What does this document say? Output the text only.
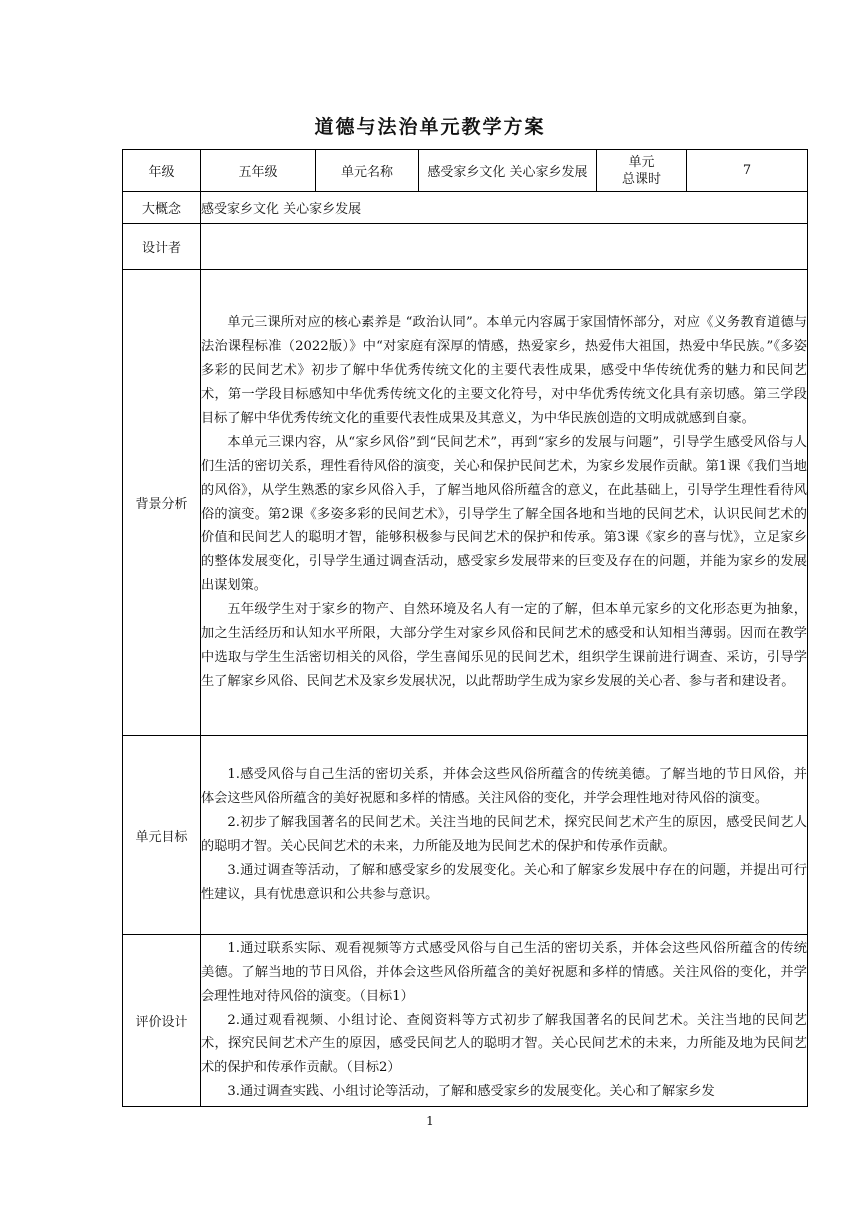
道德与法治单元教学方案
年级	五年级	单元名称	感受家乡文化 关心家乡发展	单元
总课时	7
大概念	感受家乡文化 关心家乡发展				
设计者					
背景分析	单元三课所对应的核心素养是 “政治认同”。本单元内容属于家国情怀部分，对应《义务教育道德与法治课程标准（2022版）》中“对家庭有深厚的情感，热爱家乡，热爱伟大祖国，热爱中华民族。”《多姿多彩的民间艺术》初步了解中华优秀传统文化的主要代表性成果，感受中华传统优秀的魅力和民间艺术，第一学段目标感知中华优秀传统文化的主要文化符号，对中华优秀传统文化具有亲切感。第三学段目标了解中华优秀传统文化的重要代表性成果及其意义，为中华民族创造的文明成就感到自豪。

本单元三课内容，从“家乡风俗”到“民间艺术”，再到“家乡的发展与问题”，引导学生感受风俗与人们生活的密切关系，理性看待风俗的演变，关心和保护民间艺术，为家乡发展作贡献。第1课《我们当地的风俗》，从学生熟悉的家乡风俗入手，了解当地风俗所蕴含的意义，在此基础上，引导学生理性看待风俗的演变。第2课《多姿多彩的民间艺术》，引导学生了解全国各地和当地的民间艺术，认识民间艺术的价值和民间艺人的聪明才智，能够积极参与民间艺术的保护和传承。第3课《家乡的喜与忧》，立足家乡的整体发展变化，引导学生通过调查活动，感受家乡发展带来的巨变及存在的问题，并能为家乡的发展出谋划策。

五年级学生对于家乡的物产、自然环境及名人有一定的了解，但本单元家乡的文化形态更为抽象，加之生活经历和认知水平所限，大部分学生对家乡风俗和民间艺术的感受和认知相当薄弱。因而在教学中选取与学生生活密切相关的风俗，学生喜闻乐见的民间艺术，组织学生课前进行调查、采访，引导学生了解家乡风俗、民间艺术及家乡发展状况，以此帮助学生成为家乡发展的关心者、参与者和建设者。				

单元目标	1.感受风俗与自己生活的密切关系，并体会这些风俗所蕴含的传统美德。了解当地的节日风俗，并体会这些风俗所蕴含的美好祝愿和多样的情感。关注风俗的变化，并学会理性地对待风俗的演变。

2.初步了解我国著名的民间艺术。关注当地的民间艺术，探究民间艺术产生的原因，感受民间艺人的聪明才智。关心民间艺术的未来，力所能及地为民间艺术的保护和传承作贡献。

3.通过调查等活动，了解和感受家乡的发展变化。关心和了解家乡发展中存在的问题，并提出可行性建议，具有忧患意识和公共参与意识。				

评价设计	1.通过联系实际、观看视频等方式感受风俗与自己生活的密切关系，并体会这些风俗所蕴含的传统美德。了解当地的节日风俗，并体会这些风俗所蕴含的美好祝愿和多样的情感。关注风俗的变化，并学会理性地对待风俗的演变。（目标1）

2.通过观看视频、小组讨论、查阅资料等方式初步了解我国著名的民间艺术。关注当地的民间艺术，探究民间艺术产生的原因，感受民间艺人的聪明才智。关心民间艺术的未来，力所能及地为民间艺术的保护和传承作贡献。（目标2）

3.通过调查实践、小组讨论等活动，了解和感受家乡的发展变化。关心和了解家乡发				

1
